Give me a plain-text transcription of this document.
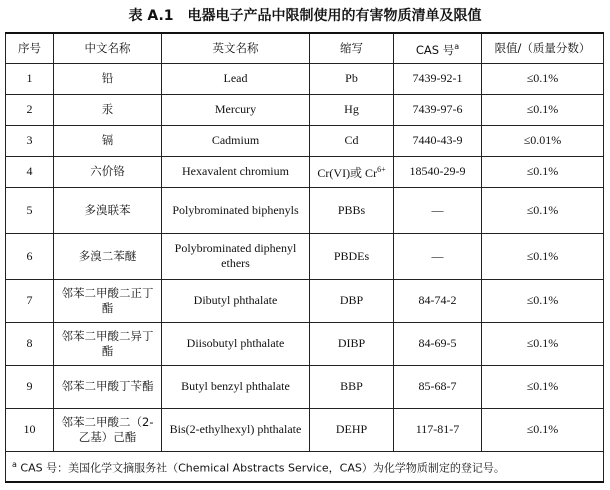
表 A.1 电器电子产品中限制使用的有害物质清单及限值
序号	中文名称	英文名称	缩写	CAS 号$^a$	限值/（质量分数）
1	铅	Lead	Pb	7439-92-1	≤0.1%
2	汞	Mercury	Hg	7439-97-6	≤0.1%
3	镉	Cadmium	Cd	7440-43-9	≤0.01%
4	六价铬	Hexavalent chromium	Cr(VI)或 $Cr^{6+}$	18540-29-9	≤0.1%
5	多溴联苯	Polybrominated biphenyls	PBBs	—	≤0.1%
6	多溴二苯醚	Polybrominated diphenyl ethers	PBDEs	—	≤0.1%
7	邻苯二甲酸二正丁酯	Dibutyl phthalate	DBP	84-74-2	≤0.1%
8	邻苯二甲酸二异丁酯	Diisobutyl phthalate	DIBP	84-69-5	≤0.1%
9	邻苯二甲酸丁苄酯	Butyl benzyl phthalate	BBP	85-68-7	≤0.1%
10	邻苯二甲酸二（2-乙基）己酯	Bis(2-ethylhexyl) phthalate	DEHP	117-81-7	≤0.1%
$^a$ CAS 号：美国化学文摘服务社（Chemical Abstracts Service，CAS）为化学物质制定的登记号。					
